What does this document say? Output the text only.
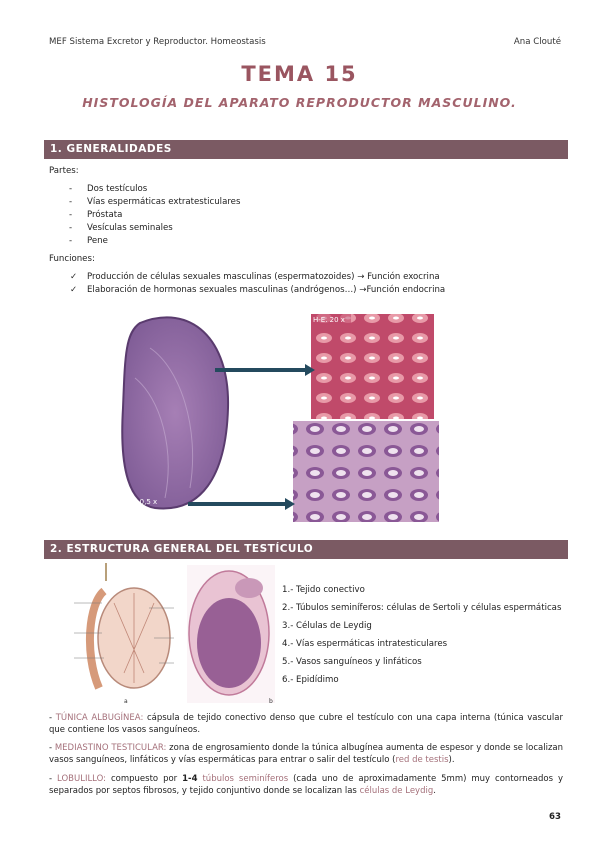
MEF Sistema Excretor y Reproductor. Homeostasis	Ana Clouté
TEMA 15
HISTOLOGÍA DEL APARATO REPRODUCTOR MASCULINO.
1. GENERALIDADES
Partes:
- Dos testículos
- Vías espermáticas extratesticulares
- Próstata
- Vesículas seminales
- Pene
Funciones:
✓ Producción de células sexuales masculinas (espermatozoides) → Función exocrina
✓ Elaboración de hormonas sexuales masculinas (andrógenos…) →Función endocrina
H-E. 0,5 x
H-E. 20 x
2. ESTRUCTURA GENERAL DEL TESTÍCULO
a	b
1.- Tejido conectivo
2.- Túbulos seminíferos: células de Sertoli y células espermáticas
3.- Células de Leydig
4.- Vías espermáticas intratesticulares
5.- Vasos sanguíneos y linfáticos
6.- Epidídimo
- TÚNICA ALBUGÍNEA: cápsula de tejido conectivo denso que cubre el testículo con una capa interna (túnica vascular que contiene los vasos sanguíneos.
- MEDIASTINO TESTICULAR: zona de engrosamiento donde la túnica albugínea aumenta de espesor y donde se localizan vasos sanguíneos, linfáticos y vías espermáticas para entrar o salir del testículo (red de testis).
- LOBULILLO: compuesto por 1-4 túbulos seminíferos (cada uno de aproximadamente 5mm) muy contorneados y separados por septos fibrosos, y tejido conjuntivo donde se localizan las células de Leydig.
63
